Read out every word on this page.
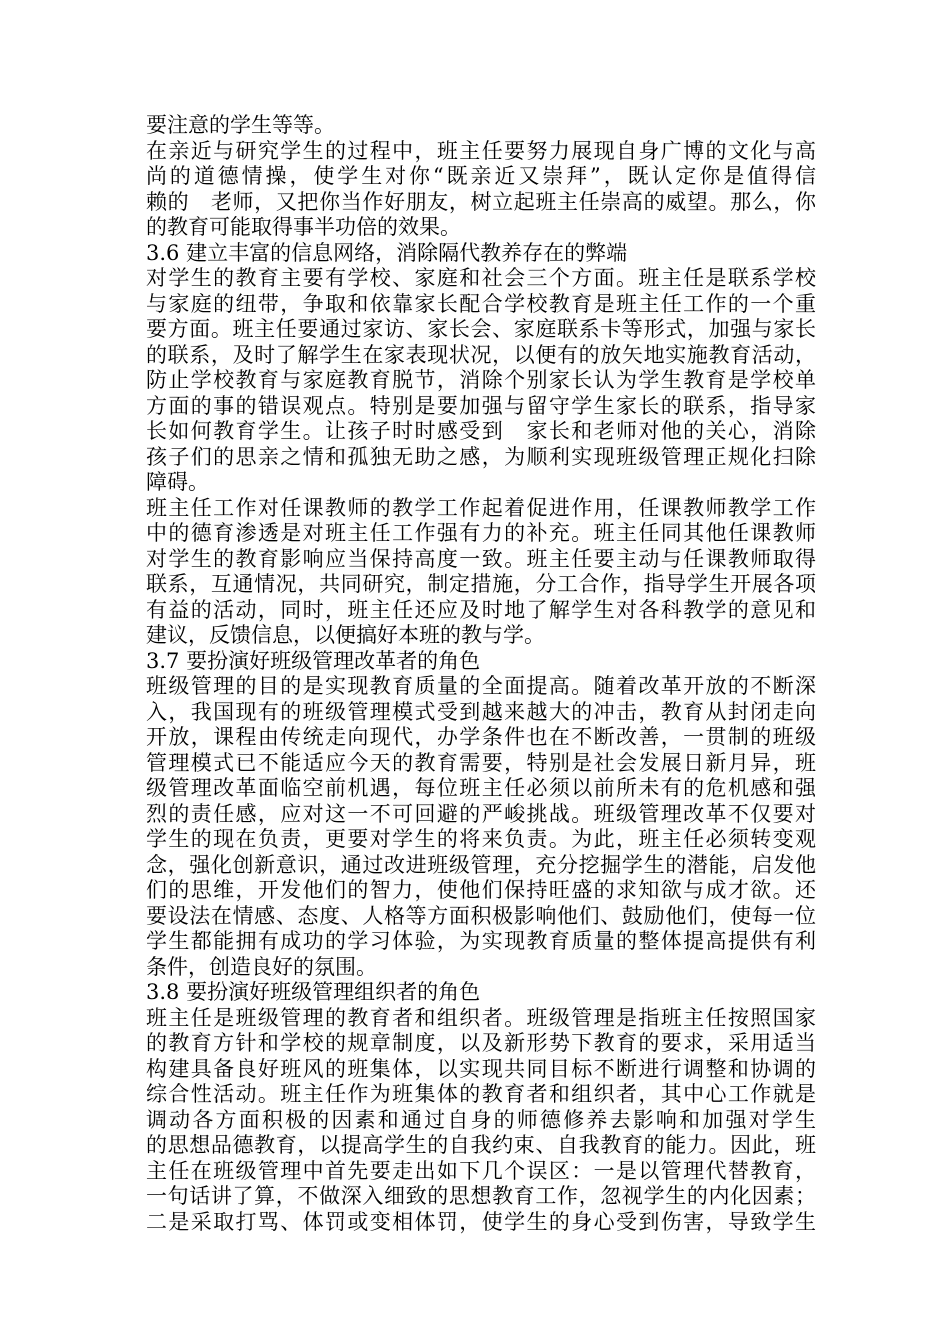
要注意的学生等等。
在亲近与研究学生的过程中，班主任要努力展现自身广博的文化与高
尚的道德情操，使学生对你“既亲近又崇拜”，既认定你是值得信
赖的　老师，又把你当作好朋友，树立起班主任崇高的威望。那么，你
的教育可能取得事半功倍的效果。
3.6 建立丰富的信息网络，消除隔代教养存在的弊端
对学生的教育主要有学校、家庭和社会三个方面。班主任是联系学校
与家庭的纽带，争取和依靠家长配合学校教育是班主任工作的一个重
要方面。班主任要通过家访、家长会、家庭联系卡等形式，加强与家长
的联系，及时了解学生在家表现状况，以便有的放矢地实施教育活动，
防止学校教育与家庭教育脱节，消除个别家长认为学生教育是学校单
方面的事的错误观点。特别是要加强与留守学生家长的联系，指导家
长如何教育学生。让孩子时时感受到　家长和老师对他的关心，消除
孩子们的思亲之情和孤独无助之感，为顺利实现班级管理正规化扫除
障碍。
班主任工作对任课教师的教学工作起着促进作用，任课教师教学工作
中的德育渗透是对班主任工作强有力的补充。班主任同其他任课教师
对学生的教育影响应当保持高度一致。班主任要主动与任课教师取得
联系，互通情况，共同研究，制定措施，分工合作，指导学生开展各项
有益的活动，同时，班主任还应及时地了解学生对各科教学的意见和
建议，反馈信息，以便搞好本班的教与学。
3.7 要扮演好班级管理改革者的角色
班级管理的目的是实现教育质量的全面提高。随着改革开放的不断深
入，我国现有的班级管理模式受到越来越大的冲击，教育从封闭走向
开放，课程由传统走向现代，办学条件也在不断改善，一贯制的班级
管理模式已不能适应今天的教育需要，特别是社会发展日新月异，班
级管理改革面临空前机遇，每位班主任必须以前所未有的危机感和强
烈的责任感，应对这一不可回避的严峻挑战。班级管理改革不仅要对
学生的现在负责，更要对学生的将来负责。为此，班主任必须转变观
念，强化创新意识，通过改进班级管理，充分挖掘学生的潜能，启发他
们的思维，开发他们的智力，使他们保持旺盛的求知欲与成才欲。还
要设法在情感、态度、人格等方面积极影响他们、鼓励他们，使每一位
学生都能拥有成功的学习体验，为实现教育质量的整体提高提供有利
条件，创造良好的氛围。
3.8 要扮演好班级管理组织者的角色
班主任是班级管理的教育者和组织者。班级管理是指班主任按照国家
的教育方针和学校的规章制度，以及新形势下教育的要求，采用适当
构建具备良好班风的班集体，以实现共同目标不断进行调整和协调的
综合性活动。班主任作为班集体的教育者和组织者，其中心工作就是
调动各方面积极的因素和通过自身的师德修养去影响和加强对学生
的思想品德教育，以提高学生的自我约束、自我教育的能力。因此，班
主任在班级管理中首先要走出如下几个误区：一是以管理代替教育，
一句话讲了算，不做深入细致的思想教育工作，忽视学生的内化因素；
二是采取打骂、体罚或变相体罚，使学生的身心受到伤害，导致学生
